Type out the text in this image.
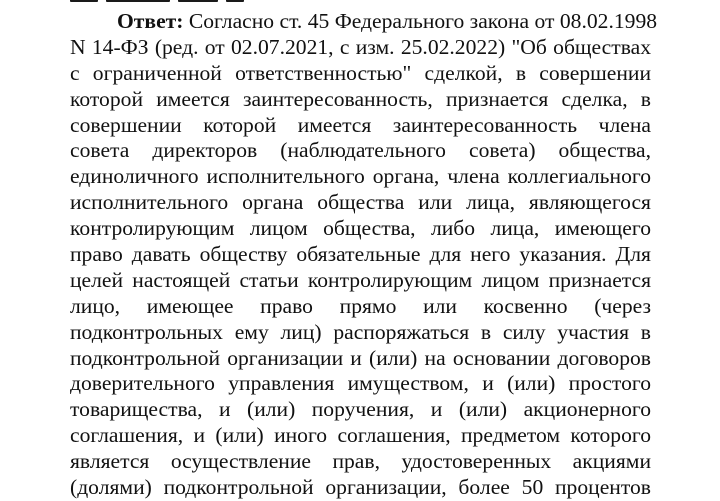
Ответ: Согласно ст. 45 Федерального закона от 08.02.1998
N 14-ФЗ (ред. от 02.07.2021, с изм. 25.02.2022) "Об обществах
с ограниченной ответственностью" сделкой, в совершении
которой имеется заинтересованность, признается сделка, в
совершении которой имеется заинтересованность члена
совета директоров (наблюдательного совета) общества,
единоличного исполнительного органа, члена коллегиального
исполнительного органа общества или лица, являющегося
контролирующим лицом общества, либо лица, имеющего
право давать обществу обязательные для него указания. Для
целей настоящей статьи контролирующим лицом признается
лицо, имеющее право прямо или косвенно (через
подконтрольных ему лиц) распоряжаться в силу участия в
подконтрольной организации и (или) на основании договоров
доверительного управления имуществом, и (или) простого
товарищества, и (или) поручения, и (или) акционерного
соглашения, и (или) иного соглашения, предметом которого
является осуществление прав, удостоверенных акциями
(долями) подконтрольной организации, более 50 процентов
